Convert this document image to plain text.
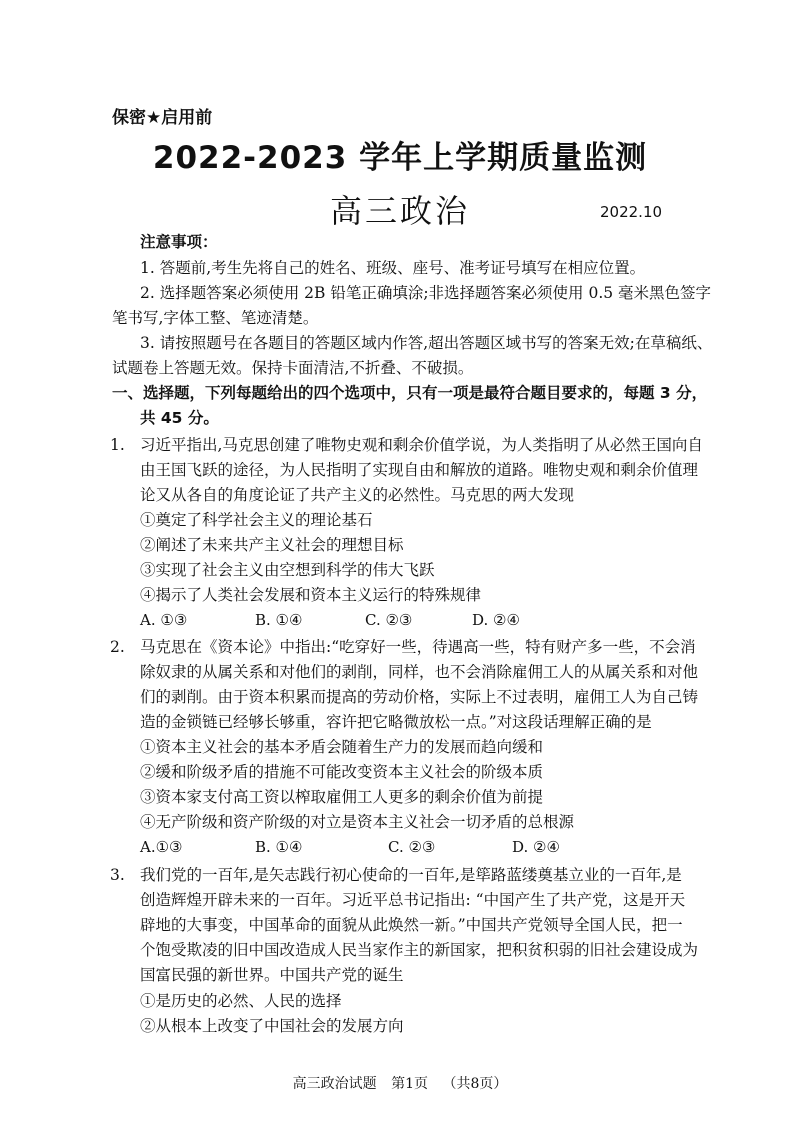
保密★启用前
2022-2023 学年上学期质量监测
高三政治	2022.10
注意事项：
1. 答题前,考生先将自己的姓名、班级、座号、准考证号填写在相应位置。
2. 选择题答案必须使用 2B 铅笔正确填涂;非选择题答案必须使用 0.5 毫米黑色签字
笔书写,字体工整、笔迹清楚。
3. 请按照题号在各题目的答题区域内作答,超出答题区域书写的答案无效;在草稿纸、
试题卷上答题无效。保持卡面清洁,不折叠、不破损。
一、选择题，下列每题给出的四个选项中，只有一项是最符合题目要求的，每题 3 分，
共 45 分。
1. 习近平指出,马克思创建了唯物史观和剩余价值学说，为人类指明了从必然王国向自
由王国飞跃的途径，为人民指明了实现自由和解放的道路。唯物史观和剩余价值理
论又从各自的角度论证了共产主义的必然性。马克思的两大发现
①奠定了科学社会主义的理论基石
②阐述了未来共产主义社会的理想目标
③实现了社会主义由空想到科学的伟大飞跃
④揭示了人类社会发展和资本主义运行的特殊规律
A. ①③	B. ①④	C. ②③	D. ②④
2. 马克思在《资本论》中指出:“吃穿好一些，待遇高一些，特有财产多一些，不会消
除奴隶的从属关系和对他们的剥削，同样，也不会消除雇佣工人的从属关系和对他
们的剥削。由于资本积累而提高的劳动价格，实际上不过表明，雇佣工人为自己铸
造的金锁链已经够长够重，容许把它略微放松一点。”对这段话理解正确的是
①资本主义社会的基本矛盾会随着生产力的发展而趋向缓和
②缓和阶级矛盾的措施不可能改变资本主义社会的阶级本质
③资本家支付高工资以榨取雇佣工人更多的剩余价值为前提
④无产阶级和资产阶级的对立是资本主义社会一切矛盾的总根源
A.①③	B. ①④	C. ②③	D. ②④
3. 我们党的一百年,是矢志践行初心使命的一百年,是筚路蓝缕奠基立业的一百年,是
创造辉煌开辟未来的一百年。习近平总书记指出: “中国产生了共产党，这是开天
辟地的大事变，中国革命的面貌从此焕然一新。”中国共产党领导全国人民，把一
个饱受欺凌的旧中国改造成人民当家作主的新国家，把积贫积弱的旧社会建设成为
国富民强的新世界。中国共产党的诞生
①是历史的必然、人民的选择
②从根本上改变了中国社会的发展方向
高三政治试题 第1页 （共8页）
